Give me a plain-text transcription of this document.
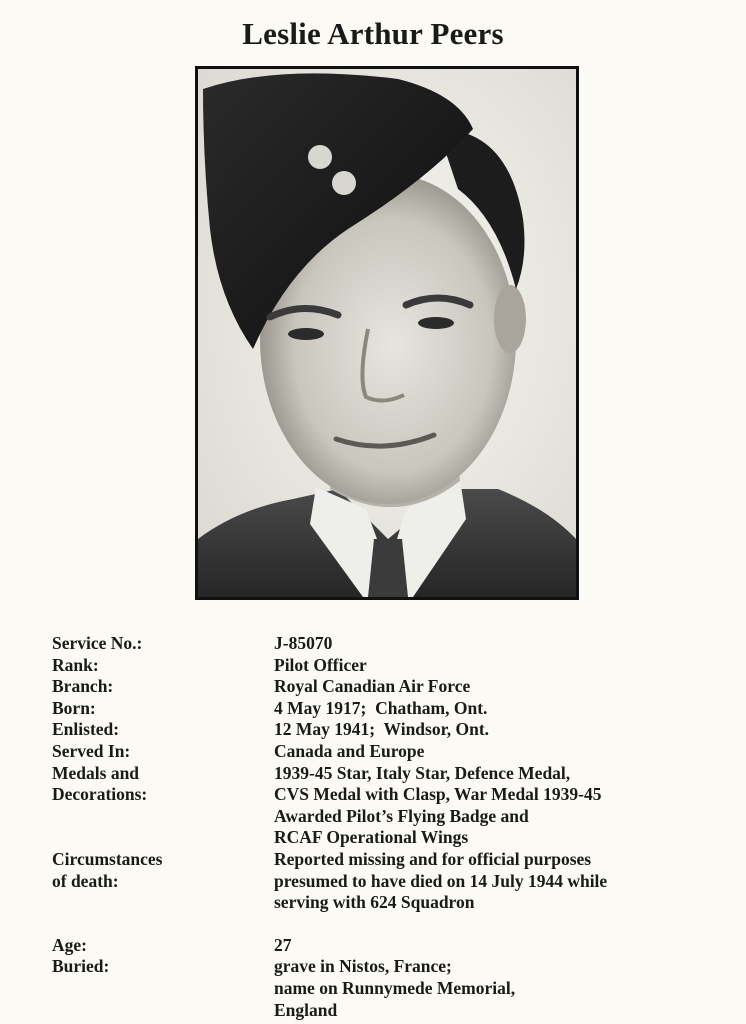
Leslie Arthur Peers
Service No.:	J-85070
Rank:	Pilot Officer
Branch:	Royal Canadian Air Force
Born:	4 May 1917;  Chatham, Ont.
Enlisted:	12 May 1941;  Windsor, Ont.
Served In:	Canada and Europe
Medals and
Decorations:
1939-45 Star, Italy Star, Defence Medal,
CVS Medal with Clasp, War Medal 1939-45
Awarded Pilot’s Flying Badge and
RCAF Operational Wings
Circumstances
of death:
Reported missing and for official purposes
presumed to have died on 14 July 1944 while
serving with 624 Squadron
Age:	27
Buried:	grave in Nistos, France;
name on Runnymede Memorial,
England
